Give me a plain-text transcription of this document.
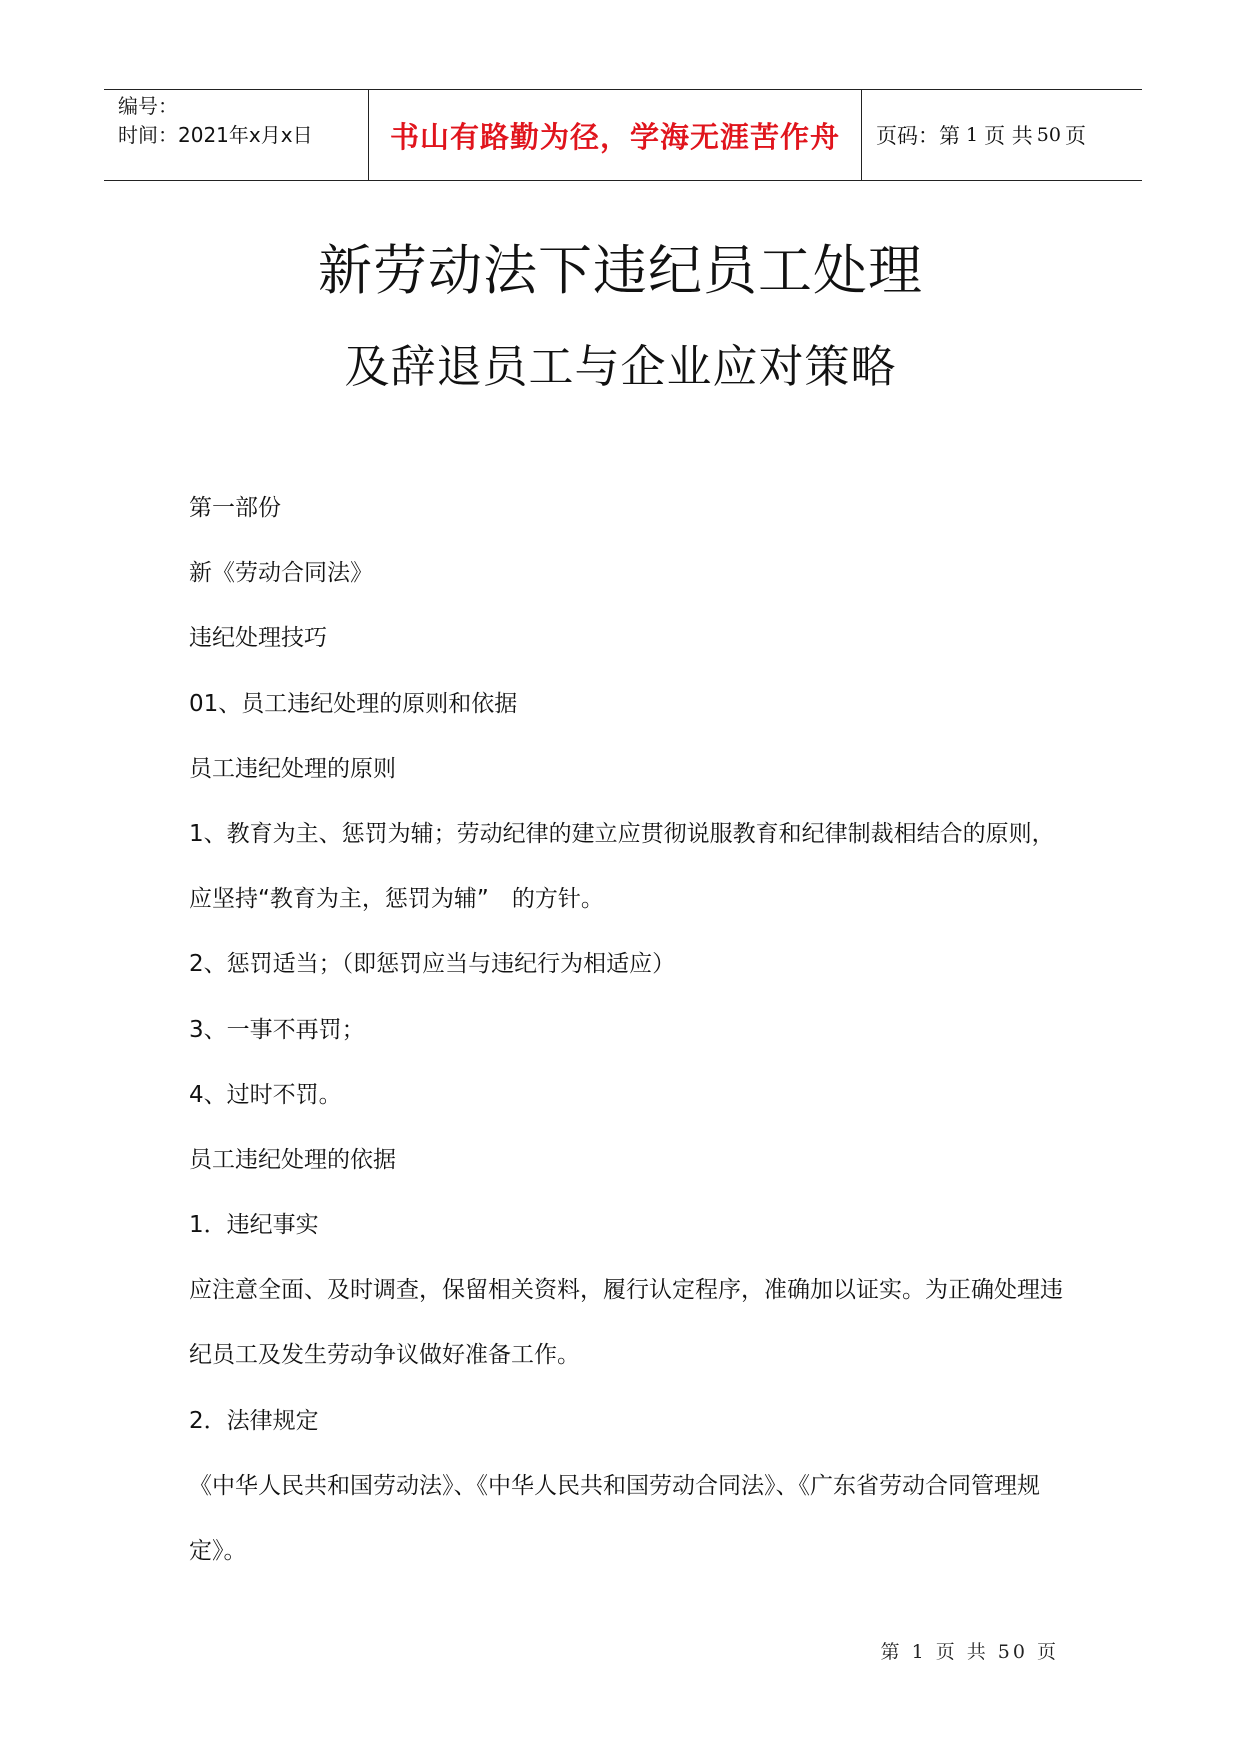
编号：
时间：2021年x月x日	书山有路勤为径，学海无涯苦作舟 页码：第 1 页 共 50 页
新劳动法下违纪员工处理
及辞退员工与企业应对策略
第一部份
新《劳动合同法》
违纪处理技巧
01、员工违纪处理的原则和依据
员工违纪处理的原则
1、教育为主、惩罚为辅；劳动纪律的建立应贯彻说服教育和纪律制裁相结合的原则，
应坚持“教育为主，惩罚为辅”　的方针。
2、惩罚适当；（即惩罚应当与违纪行为相适应）
3、一事不再罚；
4、过时不罚。
员工违纪处理的依据
1．违纪事实
应注意全面、及时调查，保留相关资料，履行认定程序，准确加以证实。为正确处理违
纪员工及发生劳动争议做好准备工作。
2．法律规定
《中华人民共和国劳动法》、《中华人民共和国劳动合同法》、《广东省劳动合同管理规
定》。
第 1 页 共 50 页
